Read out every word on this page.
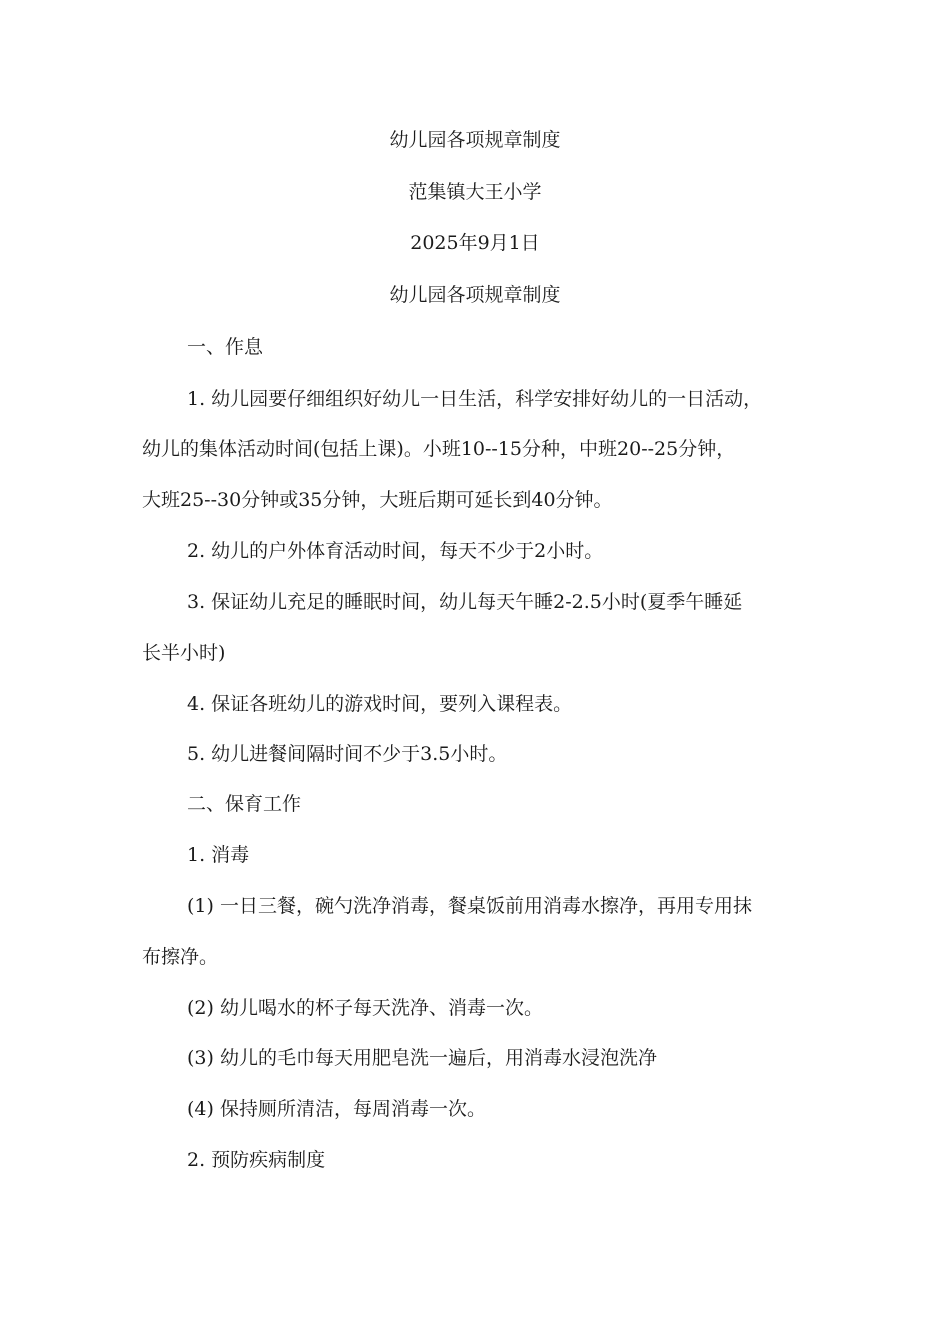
幼儿园各项规章制度
范集镇大王小学
2025年9月1日
幼儿园各项规章制度
一、作息
1. 幼儿园要仔细组织好幼儿一日生活，科学安排好幼儿的一日活动，
幼儿的集体活动时间(包括上课)。小班10--15分种，中班20--25分钟，
大班25--30分钟或35分钟，大班后期可延长到40分钟。
2. 幼儿的户外体育活动时间，每天不少于2小时。
3. 保证幼儿充足的睡眠时间，幼儿每天午睡2-2.5小时(夏季午睡延
长半小时)
4. 保证各班幼儿的游戏时间，要列入课程表。
5. 幼儿进餐间隔时间不少于3.5小时。
二、保育工作
1. 消毒
(1) 一日三餐，碗勺洗净消毒，餐桌饭前用消毒水擦净，再用专用抹
布擦净。
(2) 幼儿喝水的杯子每天洗净、消毒一次。
(3) 幼儿的毛巾每天用肥皂洗一遍后，用消毒水浸泡洗净
(4) 保持厕所清洁，每周消毒一次。
2. 预防疾病制度
